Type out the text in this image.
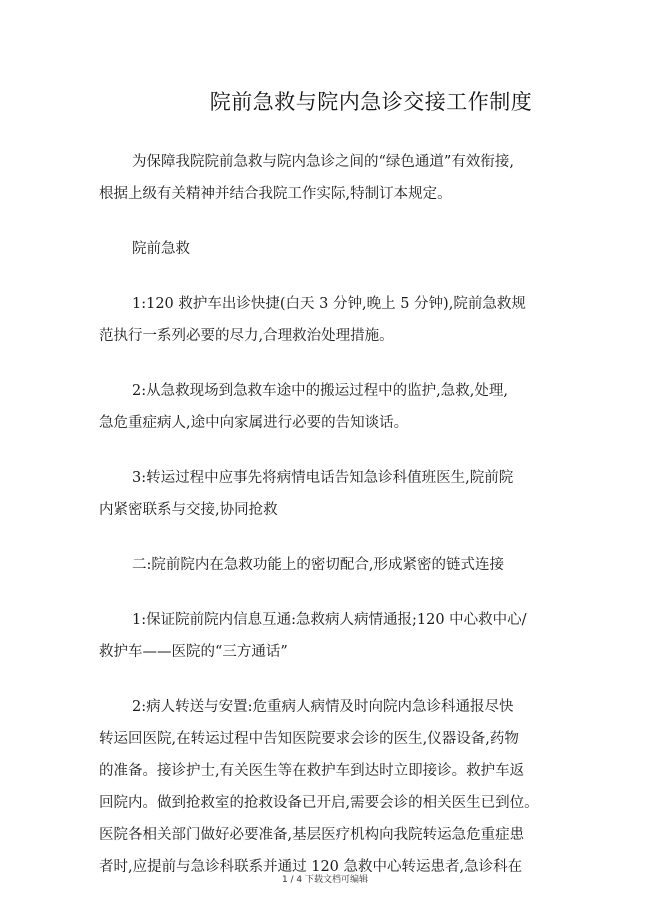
院前急救与院内急诊交接工作制度

为保障我院院前急救与院内急诊之间的“绿色通道”有效衔接,
根据上级有关精神并结合我院工作实际,特制订本规定。

院前急救

1:120 救护车出诊快捷(白天 3 分钟,晚上 5 分钟),院前急救规
范执行一系列必要的尽力,合理救治处理措施。

2:从急救现场到急救车途中的搬运过程中的监护,急救,处理,
急危重症病人,途中向家属进行必要的告知谈话。

3:转运过程中应事先将病情电话告知急诊科值班医生,院前院
内紧密联系与交接,协同抢救

二:院前院内在急救功能上的密切配合,形成紧密的链式连接

1:保证院前院内信息互通:急救病人病情通报;120 中心救中心/
救护车——医院的“三方通话”

2:病人转送与安置:危重病人病情及时向院内急诊科通报尽快
转运回医院,在转运过程中告知医院要求会诊的医生,仪器设备,药物
的准备。接诊护士,有关医生等在救护车到达时立即接诊。救护车返
回院内。做到抢救室的抢救设备已开启,需要会诊的相关医生已到位。
医院各相关部门做好必要准备,基层医疗机构向我院转运急危重症患
者时,应提前与急诊科联系并通过 120 急救中心转运患者,急诊科在

1 / 4 下载文档可编辑
